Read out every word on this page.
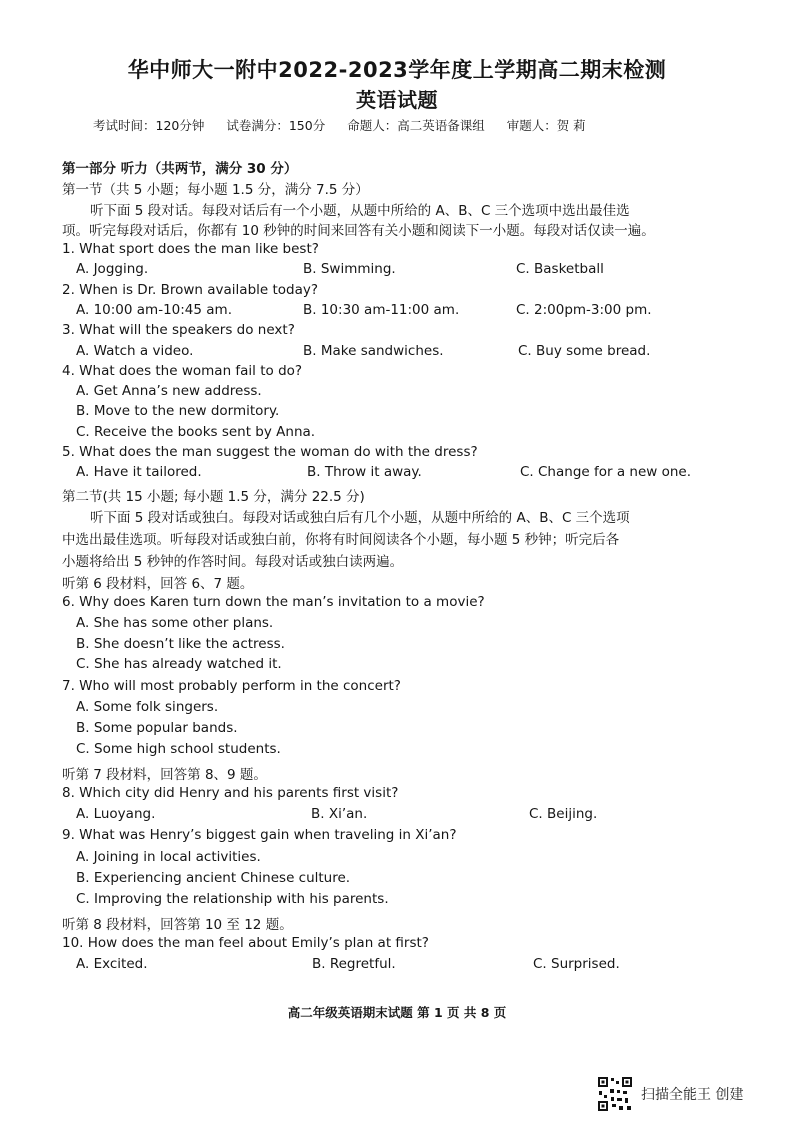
华中师大一附中2022-2023学年度上学期高二期末检测
英语试题
考试时间：120分钟 试卷满分：150分 命题人：高二英语备课组 审题人：贺 莉
第一部分 听力（共两节，满分 30 分）
第一节（共 5 小题；每小题 1.5 分，满分 7.5 分）
听下面 5 段对话。每段对话后有一个小题，从题中所给的 A、B、C 三个选项中选出最佳选
项。听完每段对话后，你都有 10 秒钟的时间来回答有关小题和阅读下一小题。每段对话仅读一遍。
1. What sport does the man like best?
A. Jogging.	B. Swimming.	C. Basketball
2. When is Dr. Brown available today?
A. 10:00 am-10:45 am.	B. 10:30 am-11:00 am.	C. 2:00pm-3:00 pm.
3. What will the speakers do next?
A. Watch a video.	B. Make sandwiches.	C. Buy some bread.
4. What does the woman fail to do?
A. Get Anna’s new address.
B. Move to the new dormitory.
C. Receive the books sent by Anna.
5. What does the man suggest the woman do with the dress?
A. Have it tailored.	B. Throw it away.	C. Change for a new one.
第二节(共 15 小题; 每小题 1.5 分，满分 22.5 分)
听下面 5 段对话或独白。每段对话或独白后有几个小题，从题中所给的 A、B、C 三个选项
中选出最佳选项。听每段对话或独白前，你将有时间阅读各个小题，每小题 5 秒钟；听完后各
小题将给出 5 秒钟的作答时间。每段对话或独白读两遍。
听第 6 段材料，回答 6、7 题。
6. Why does Karen turn down the man’s invitation to a movie?
A. She has some other plans.
B. She doesn’t like the actress.
C. She has already watched it.
7. Who will most probably perform in the concert?
A. Some folk singers.
B. Some popular bands.
C. Some high school students.
听第 7 段材料，回答第 8、9 题。
8. Which city did Henry and his parents first visit?
A. Luoyang.	B. Xi’an.	C. Beijing.
9. What was Henry’s biggest gain when traveling in Xi’an?
A. Joining in local activities.
B. Experiencing ancient Chinese culture.
C. Improving the relationship with his parents.
听第 8 段材料，回答第 10 至 12 题。
10. How does the man feel about Emily’s plan at first?
A. Excited.	B. Regretful.	C. Surprised.
高二年级英语期末试题 第 1 页 共 8 页
扫描全能王 创建
